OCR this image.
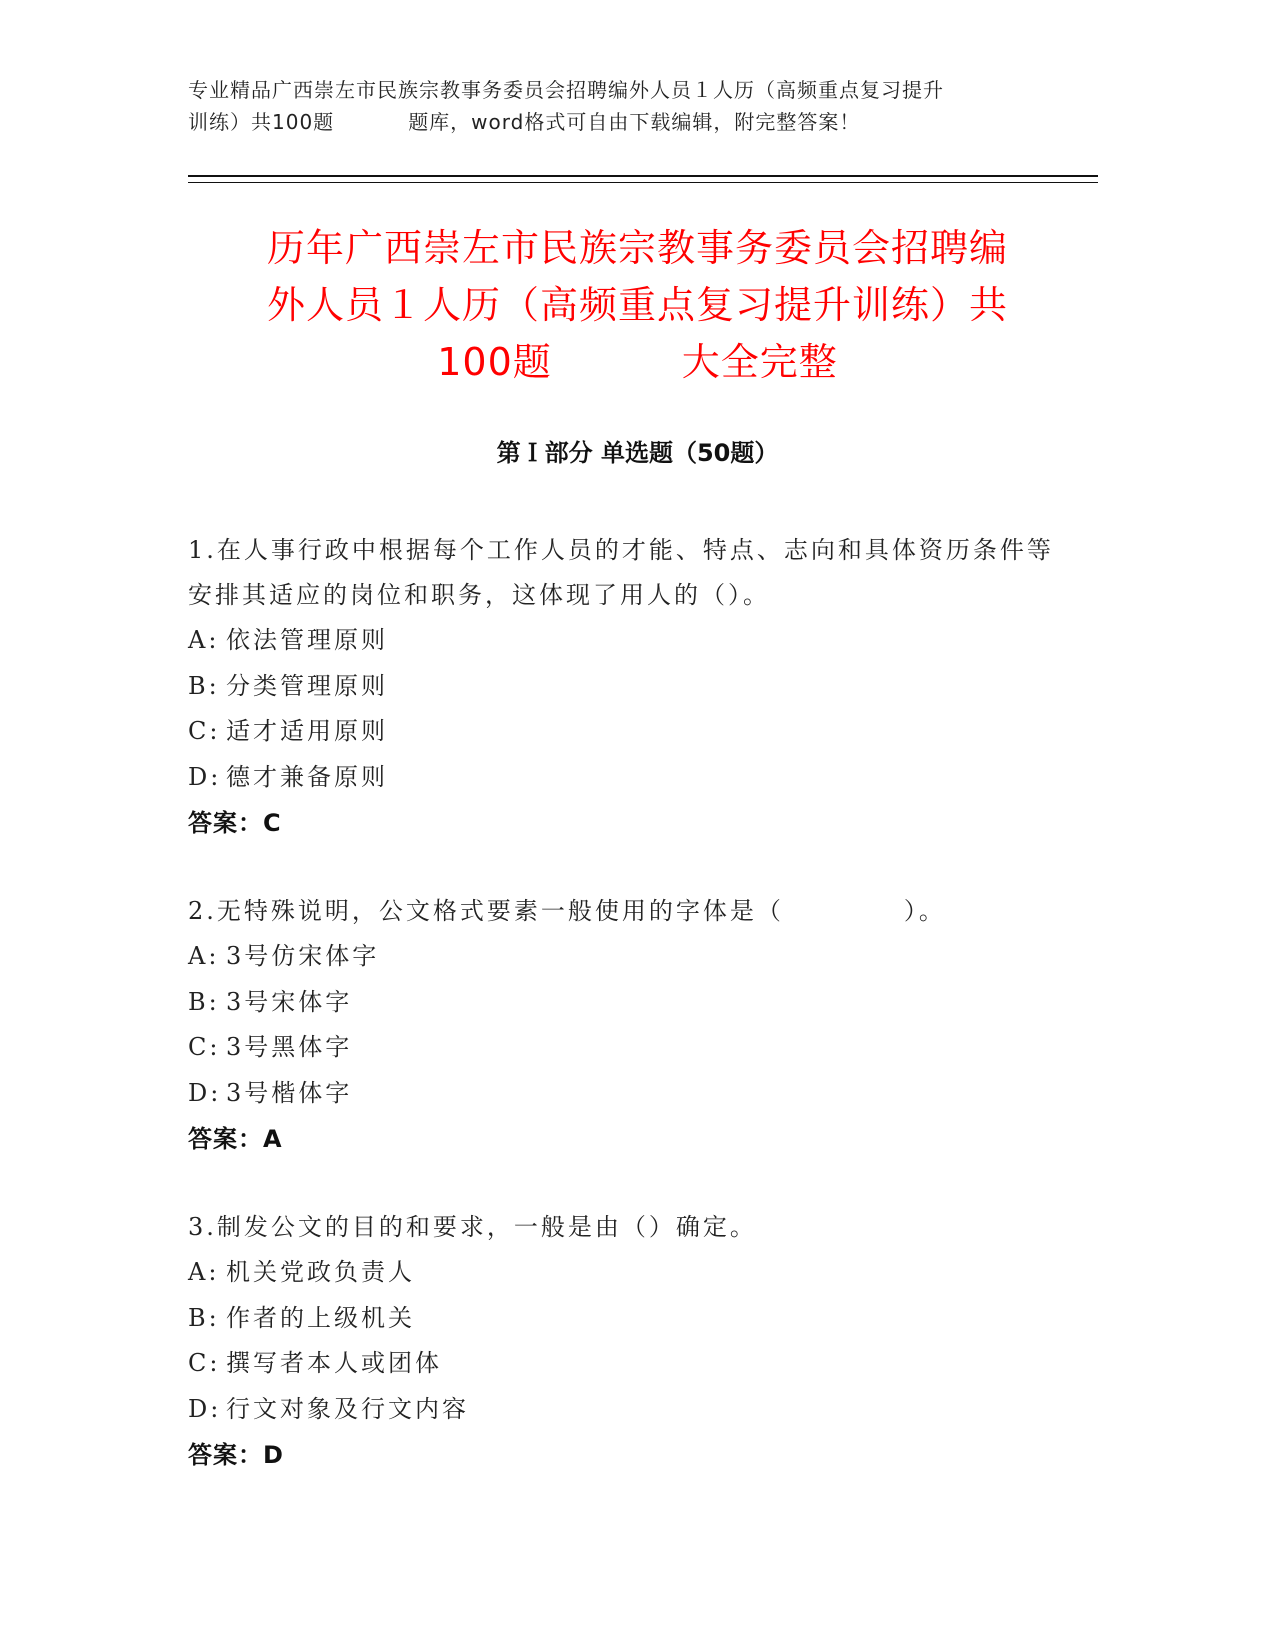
专业精品广西崇左市民族宗教事务委员会招聘编外人员１人历（高频重点复习提升
训练）共100题	题库，word格式可自由下载编辑，附完整答案！
历年广西崇左市民族宗教事务委员会招聘编
外人员１人历（高频重点复习提升训练）共
100题	大全完整
第Ｉ部分 单选题（50题）
1.在人事行政中根据每个工作人员的才能、特点、志向和具体资历条件等安排其适应的岗位和职务，这体现了用人的（）。
A: 依法管理原则
B: 分类管理原则
C: 适才适用原则
D: 德才兼备原则
答案：C
2.无特殊说明，公文格式要素一般使用的字体是（	）。
A: 3号仿宋体字
B: 3号宋体字
C: 3号黑体字
D: 3号楷体字
答案：A
3.制发公文的目的和要求，一般是由（）确定。
A: 机关党政负责人
B: 作者的上级机关
C: 撰写者本人或团体
D: 行文对象及行文内容
答案：D
